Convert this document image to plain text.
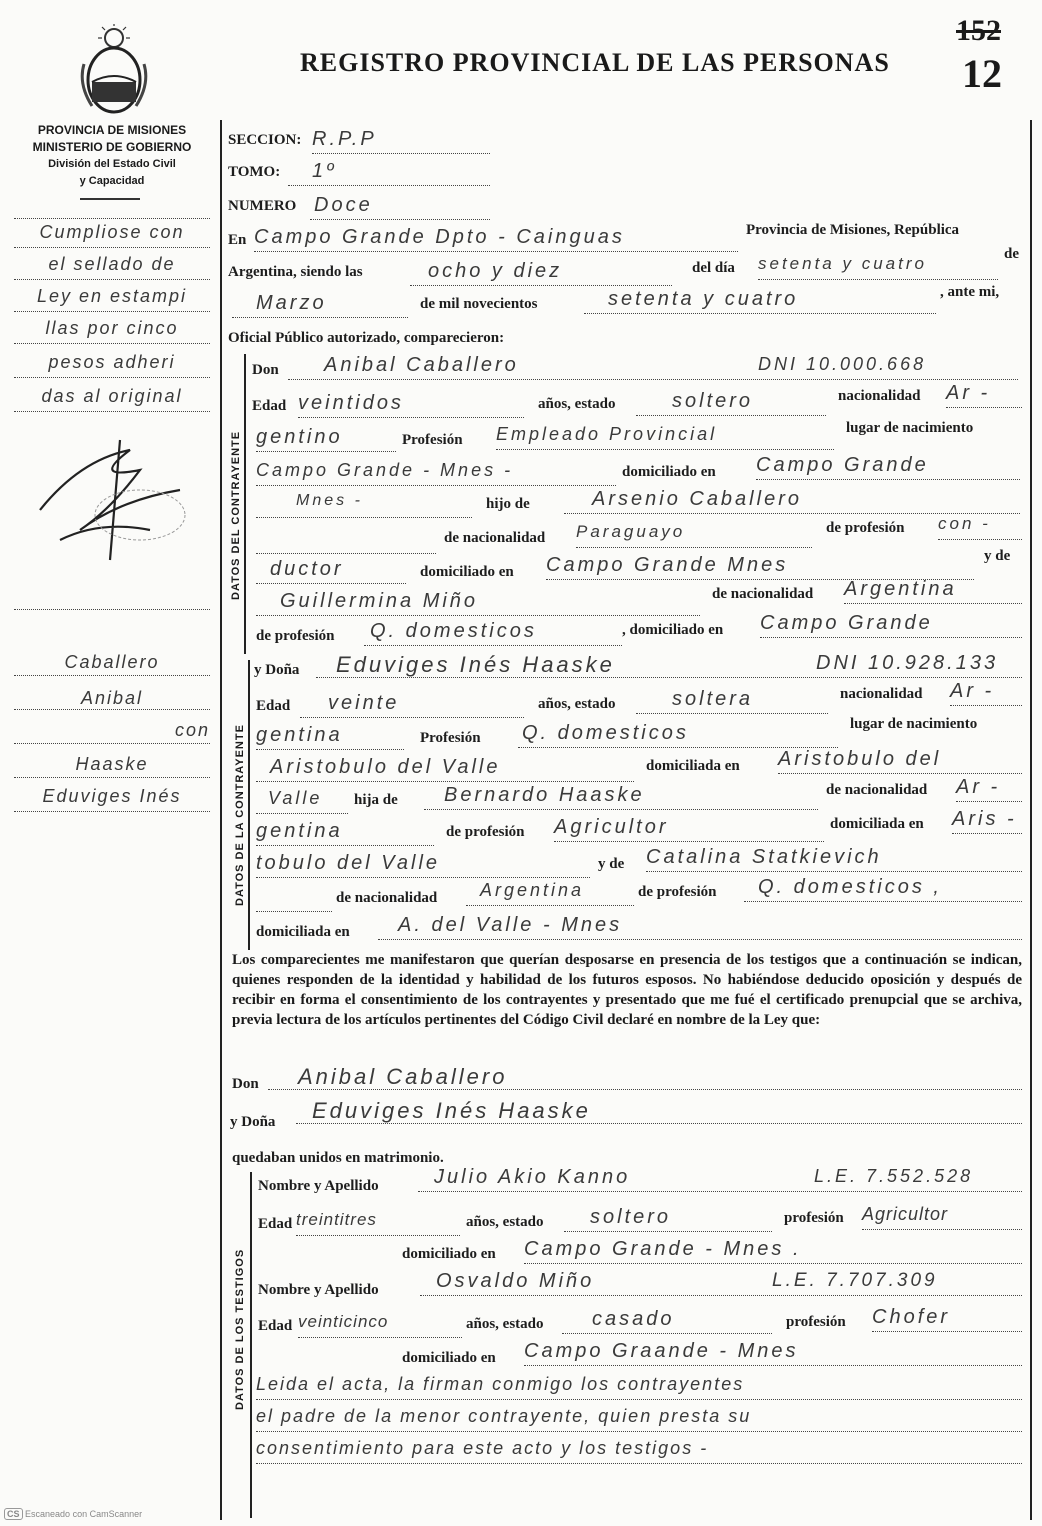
REGISTRO PROVINCIAL DE LAS PERSONAS
152
12
PROVINCIA DE MISIONES
MINISTERIO DE GOBIERNO
División del Estado Civil
y Capacidad
Cumpliose con
el sellado de
Ley en estampi
llas por cinco
pesos adheri
das al original
Caballero
Anibal
con
Haaske
Eduviges Inés
SECCION: R.P.P
TOMO:	1º
NUMERO Doce
En Campo Grande Dpto - Cainguas	Provincia de Misiones, República
Argentina, siendo las	ocho y diez	del día setenta y cuatro	de
Marzo	de mil novecientos	setenta y cuatro	, ante mi,
Oficial Público autorizado, comparecieron:
DATOS DEL CONTRAYENTE
Don	Anibal Caballero	DNI 10.000.668
Edad veintidos	años, estado	soltero	nacionalidad Ar -
gentino	Profesión Empleado Provincial	lugar de nacimiento
Campo Grande - Mnes -	domiciliado en Campo Grande
Mnes -	hijo de	Arsenio Caballero
de nacionalidad Paraguayo	de profesión con -
ductor	domiciliado en Campo Grande Mnes	y de
Guillermina Miño	de nacionalidad Argentina
de profesión	Q. domesticos	, domiciliado en Campo Grande
DATOS DE LA CONTRAYENTE
y Doña	Eduviges Inés Haaske	DNI 10.928.133
Edad	veinte	años, estado	soltera	nacionalidad Ar -
gentina	Profesión Q. domesticos	lugar de nacimiento
Aristobulo del Valle	domiciliada en Aristobulo del
Valle	hija de	Bernardo Haaske	de nacionalidad Ar -
gentina	de profesión Agricultor	domiciliada en Aris -
tobulo del Valle	y de Catalina Statkievich
de nacionalidad	Argentina	de profesión	Q. domesticos ,
domiciliada en	A. del Valle - Mnes
Los comparecientes me manifestaron que querían desposarse en presencia de los testigos que a continuación se indican, quienes responden de la identidad y habilidad de los futuros esposos. No habiéndose deducido oposición y después de recibir en forma el consentimiento de los contrayentes y presentado que me fué el certificado prenupcial que se archiva, previa lectura de los artículos pertinentes del Código Civil declaré en nombre de la Ley que:
Don	Anibal Caballero
y Doña	Eduviges Inés Haaske
quedaban unidos en matrimonio.
DATOS DE LOS TESTIGOS
Nombre y Apellido	Julio Akio Kanno	L.E. 7.552.528
Edad treintitres	años, estado	soltero	profesión Agricultor
domiciliado en Campo Grande - Mnes .
Nombre y Apellido	Osvaldo Miño	L.E. 7.707.309
Edad veinticinco	años, estado	casado	profesión Chofer
domiciliado en Campo Graande - Mnes
Leida el acta, la firman conmigo los contrayentes
el padre de la menor contrayente, quien presta su
consentimiento para este acto y los testigos -
CS Escaneado con CamScanner
